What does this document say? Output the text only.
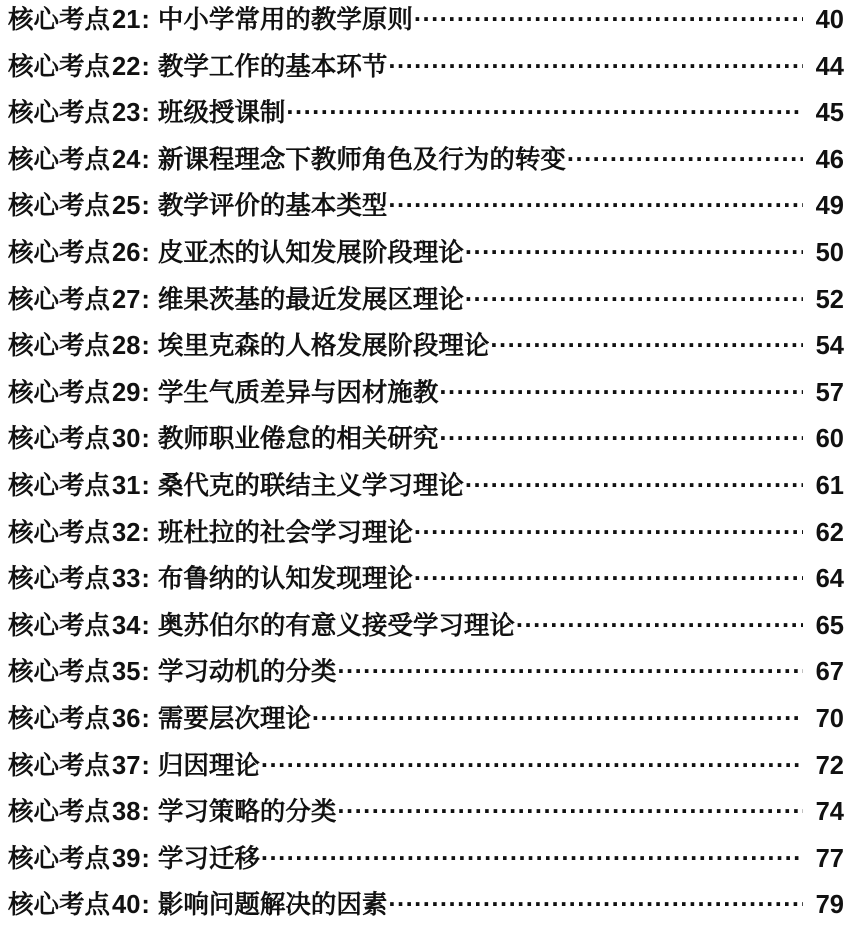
核心考点 21 : 中小学常用的教学原则 .....	40
核心考点 22 : 教学工作的基本环节 .....	44
核心考点 23 : 班级授课制 .....	45
核心考点 24 : 新课程理念下教师角色及行为的转变 .....	46
核心考点 25 : 教学评价的基本类型 .....	49
核心考点 26 : 皮亚杰的认知发展阶段理论 .....	50
核心考点 27 : 维果茨基的最近发展区理论 .....	52
核心考点 28 : 埃里克森的人格发展阶段理论 .....	54
核心考点 29 : 学生气质差异与因材施教 .....	57
核心考点 30 : 教师职业倦怠的相关研究 .....	60
核心考点 31 : 桑代克的联结主义学习理论 .....	61
核心考点 32 : 班杜拉的社会学习理论 .....	62
核心考点 33 : 布鲁纳的认知发现理论 .....	64
核心考点 34 : 奥苏伯尔的有意义接受学习理论 .....	65
核心考点 35 : 学习动机的分类 .....	67
核心考点 36 : 需要层次理论 .....	70
核心考点 37 : 归因理论 .....	72
核心考点 38 : 学习策略的分类 .....	74
核心考点 39 : 学习迁移 .....	77
核心考点 40 : 影响问题解决的因素 .....	79
